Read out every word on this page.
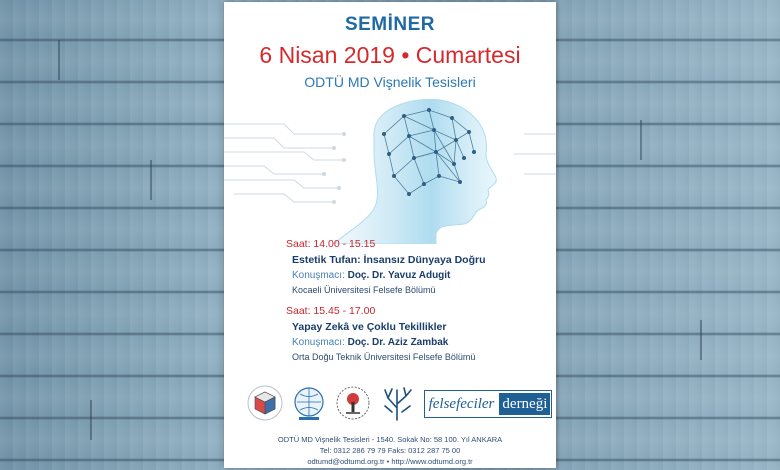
SEMİNER
6 Nisan 2019 • Cumartesi
ODTÜ MD Vişnelik Tesisleri
Saat: 14.00 - 15.15
Estetik Tufan: İnsansız Dünyaya Doğru
Konuşmacı: Doç. Dr. Yavuz Adugit
Kocaeli Üniversitesi Felsefe Bölümü
Saat: 15.45 - 17.00
Yapay Zekâ ve Çoklu Tekillikler
Konuşmacı: Doç. Dr. Aziz Zambak
Orta Doğu Teknik Üniversitesi Felsefe Bölümü
felsefeciler derneği
ODTÜ MD Vişnelik Tesisleri - 1540. Sokak No: 58 100. Yıl ANKARA
Tel: 0312 286 79 79 Faks: 0312 287 75 00
odtumd@odtumd.org.tr • http://www.odtumd.org.tr
